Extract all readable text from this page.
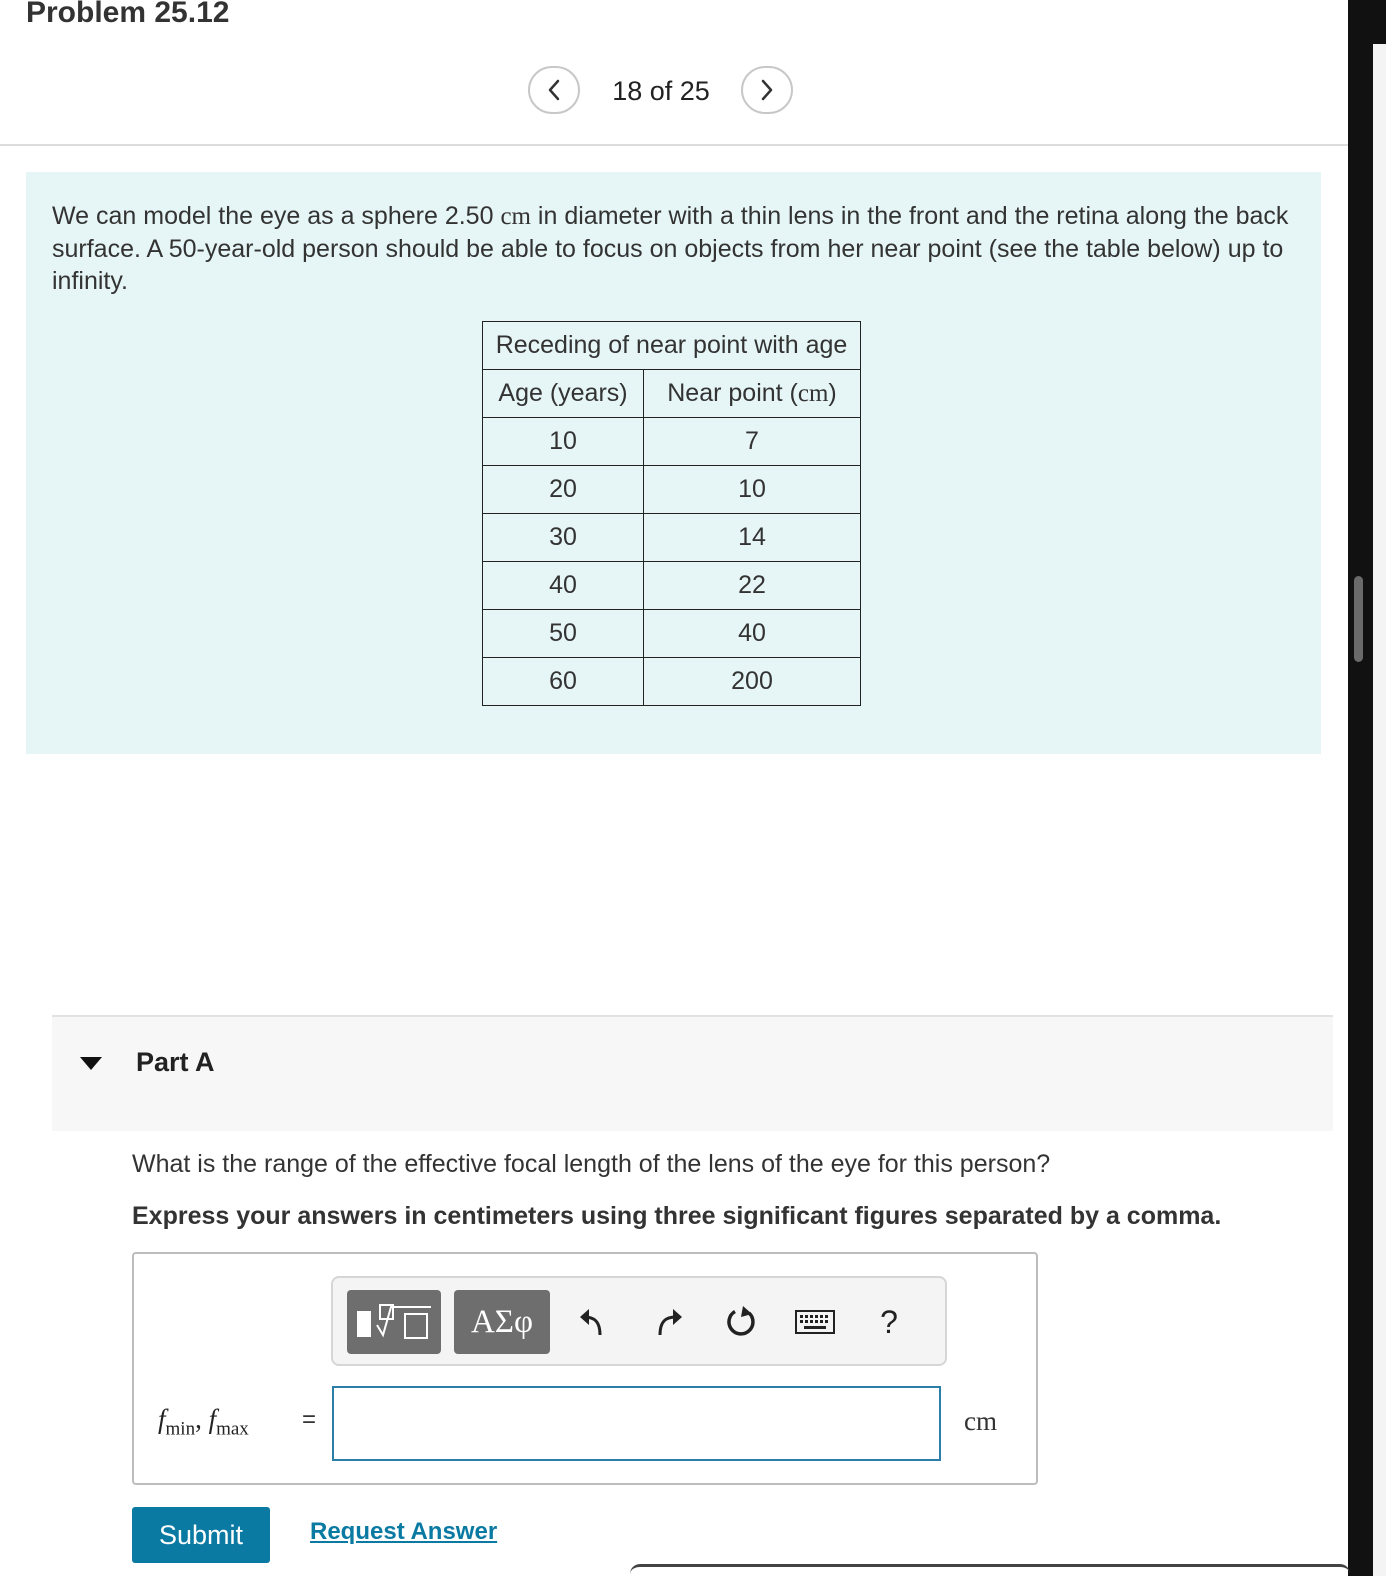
Problem 25.12
18 of 25

We can model the eye as a sphere 2.50 cm in diameter with a thin lens in the front and the retina along the back surface. A 50-year-old person should be able to focus on objects from her near point (see the table below) up to infinity.

Receding of near point with age	
Age (years)	Near point (cm)
10	7
20	10
30	14
40	22
50	40
60	200
Part A

What is the range of the effective focal length of the lens of the eye for this person?

Express your answers in centimeters using three significant figures separated by a comma.

ΑΣφ	?
$f_{min}$, $f_{max}$ =	cm
Submit	Request Answer
